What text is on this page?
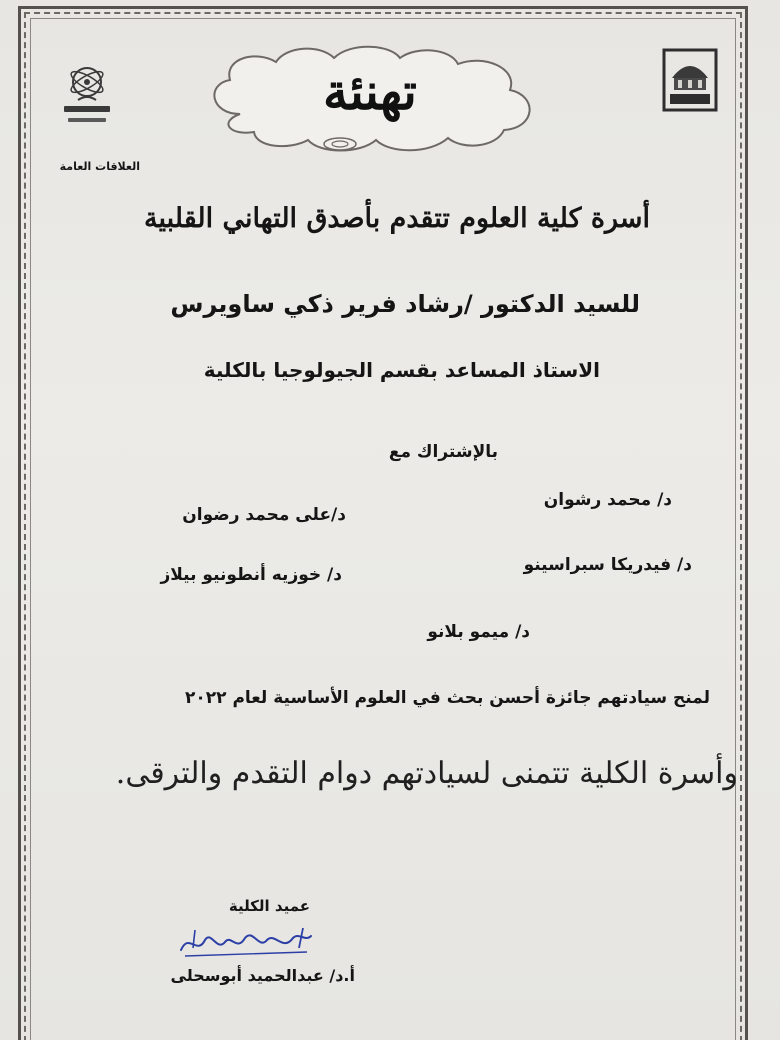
تهنئة
العلاقات العامة
أسرة كلية العلوم تتقدم بأصدق التهاني القلبية
للسيد الدكتور /رشاد فرير ذكي ساويرس
الاستاذ المساعد بقسم الجيولوجيا بالكلية
بالإشتراك مع
د/ محمد رشوان
د/على محمد رضوان
د/ فيدريكا سبراسينو
د/ خوزيه أنطونيو بيلاز
د/ ميمو بلانو
لمنح سيادتهم جائزة أحسن بحث في العلوم الأساسية لعام ٢٠٢٢
وأسرة الكلية تتمنى لسيادتهم دوام التقدم والترقى.
عميد الكلية
أ.د/ عبدالحميد أبوسحلى
